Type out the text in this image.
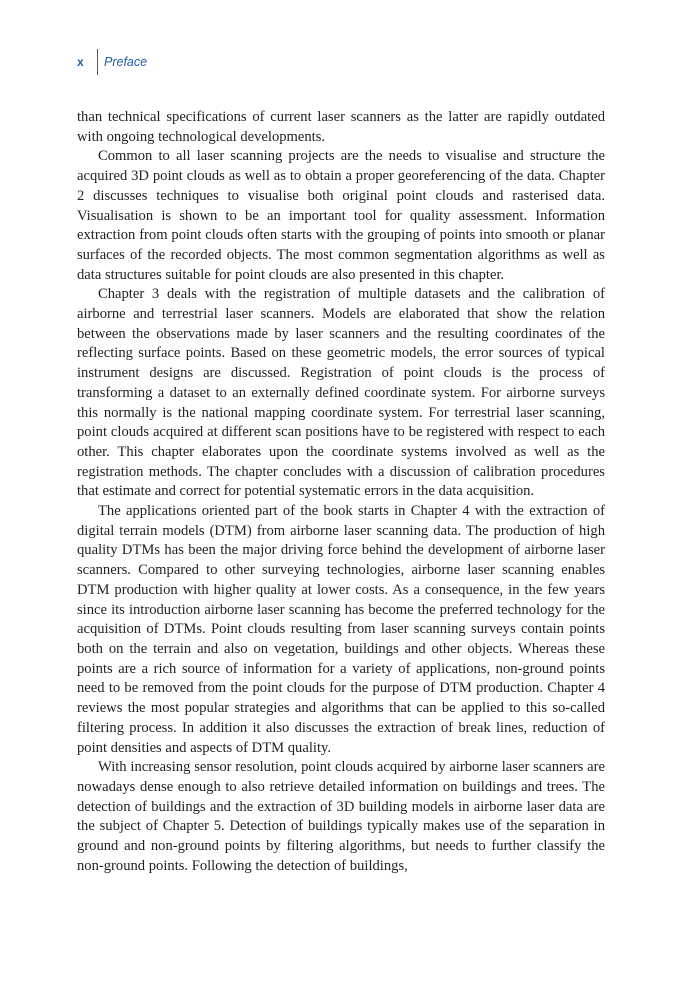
x	Preface

than technical specifications of current laser scanners as the latter are rapidly outdated with ongoing technological developments.

Common to all laser scanning projects are the needs to visualise and structure the acquired 3D point clouds as well as to obtain a proper georeferencing of the data. Chapter 2 discusses techniques to visualise both original point clouds and rasterised data. Visualisation is shown to be an important tool for quality assessment. Information extraction from point clouds often starts with the grouping of points into smooth or planar surfaces of the recorded objects. The most common segmentation algorithms as well as data structures suitable for point clouds are also presented in this chapter.

Chapter 3 deals with the registration of multiple datasets and the calibration of airborne and terrestrial laser scanners. Models are elaborated that show the relation between the observations made by laser scanners and the resulting coordinates of the reflecting surface points. Based on these geometric models, the error sources of typical instrument designs are discussed. Registration of point clouds is the process of transforming a dataset to an externally defined coordinate system. For airborne surveys this normally is the national mapping coordinate system. For terrestrial laser scanning, point clouds acquired at different scan positions have to be registered with respect to each other. This chapter elaborates upon the coordinate systems involved as well as the registration methods. The chapter concludes with a discussion of calibration procedures that estimate and correct for potential systematic errors in the data acquisition.

The applications oriented part of the book starts in Chapter 4 with the extraction of digital terrain models (DTM) from airborne laser scanning data. The production of high quality DTMs has been the major driving force behind the development of airborne laser scanners. Compared to other surveying technologies, airborne laser scanning enables DTM production with higher quality at lower costs. As a consequence, in the few years since its introduction airborne laser scanning has become the preferred technology for the acquisition of DTMs. Point clouds resulting from laser scanning surveys contain points both on the terrain and also on vegetation, buildings and other objects. Whereas these points are a rich source of information for a variety of applications, non-ground points need to be removed from the point clouds for the purpose of DTM production. Chapter 4 reviews the most popular strategies and algorithms that can be applied to this so-called filtering process. In addition it also discusses the extraction of break lines, reduction of point densities and aspects of DTM quality.

With increasing sensor resolution, point clouds acquired by airborne laser scanners are nowadays dense enough to also retrieve detailed information on buildings and trees. The detection of buildings and the extraction of 3D building models in airborne laser data are the subject of Chapter 5. Detection of buildings typically makes use of the separation in ground and non-ground points by filtering algorithms, but needs to further classify the non-ground points. Following the detection of buildings,
